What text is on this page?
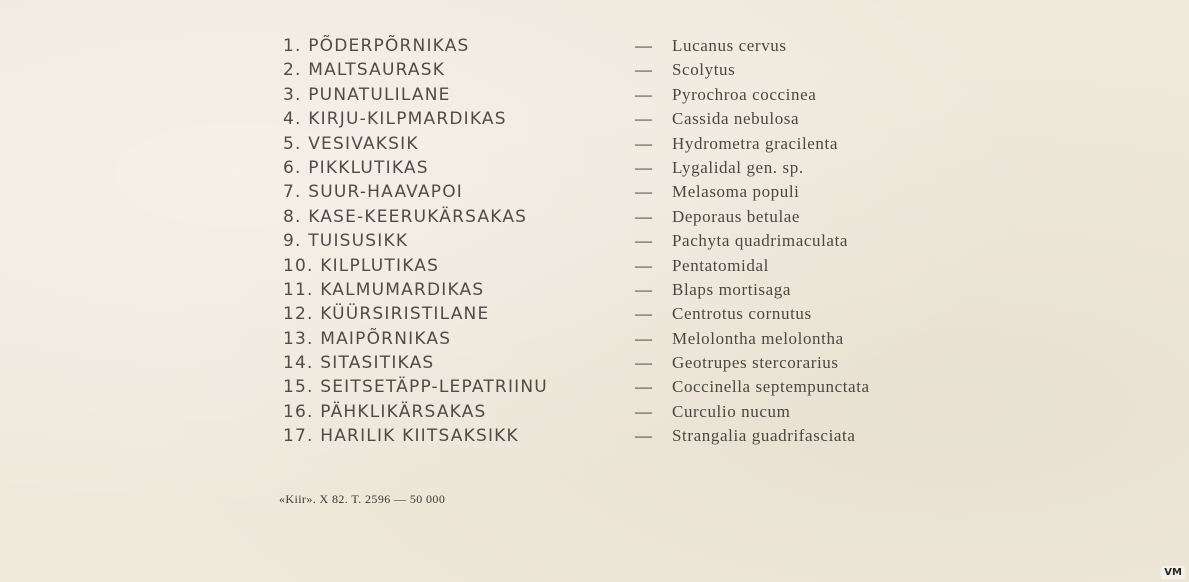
1. PÕDERPÕRNIKAS	— Lucanus cervus
2. MALTSAURASK	— Scolytus
3. PUNATULILANE	— Pyrochroa coccinea
4. KIRJU-KILPMARDIKAS	— Cassida nebulosa
5. VESIVAKSIK	— Hydrometra gracilenta
6. PIKKLUTIKAS	— Lygalidal gen. sp.
7. SUUR-HAAVAPOI	— Melasoma populi
8. KASE-KEERUKÄRSAKAS	— Deporaus betulae
9. TUISUSIKK	— Pachyta quadrimaculata
10. KILPLUTIKAS	— Pentatomidal
11. KALMUMARDIKAS	— Blaps mortisaga
12. KÜÜRSIRISTILANE	— Centrotus cornutus
13. MAIPÕRNIKAS	— Melolontha melolontha
14. SITASITIKAS	— Geotrupes stercorarius
15. SEITSETÄPP-LEPATRIINU	— Coccinella septempunctata
16. PÄHKLIKÄRSAKAS	— Curculio nucum
17. HARILIK KIITSAKSIKK	— Strangalia guadrifasciata
«Kiir». X 82. T. 2596 — 50 000
VM
